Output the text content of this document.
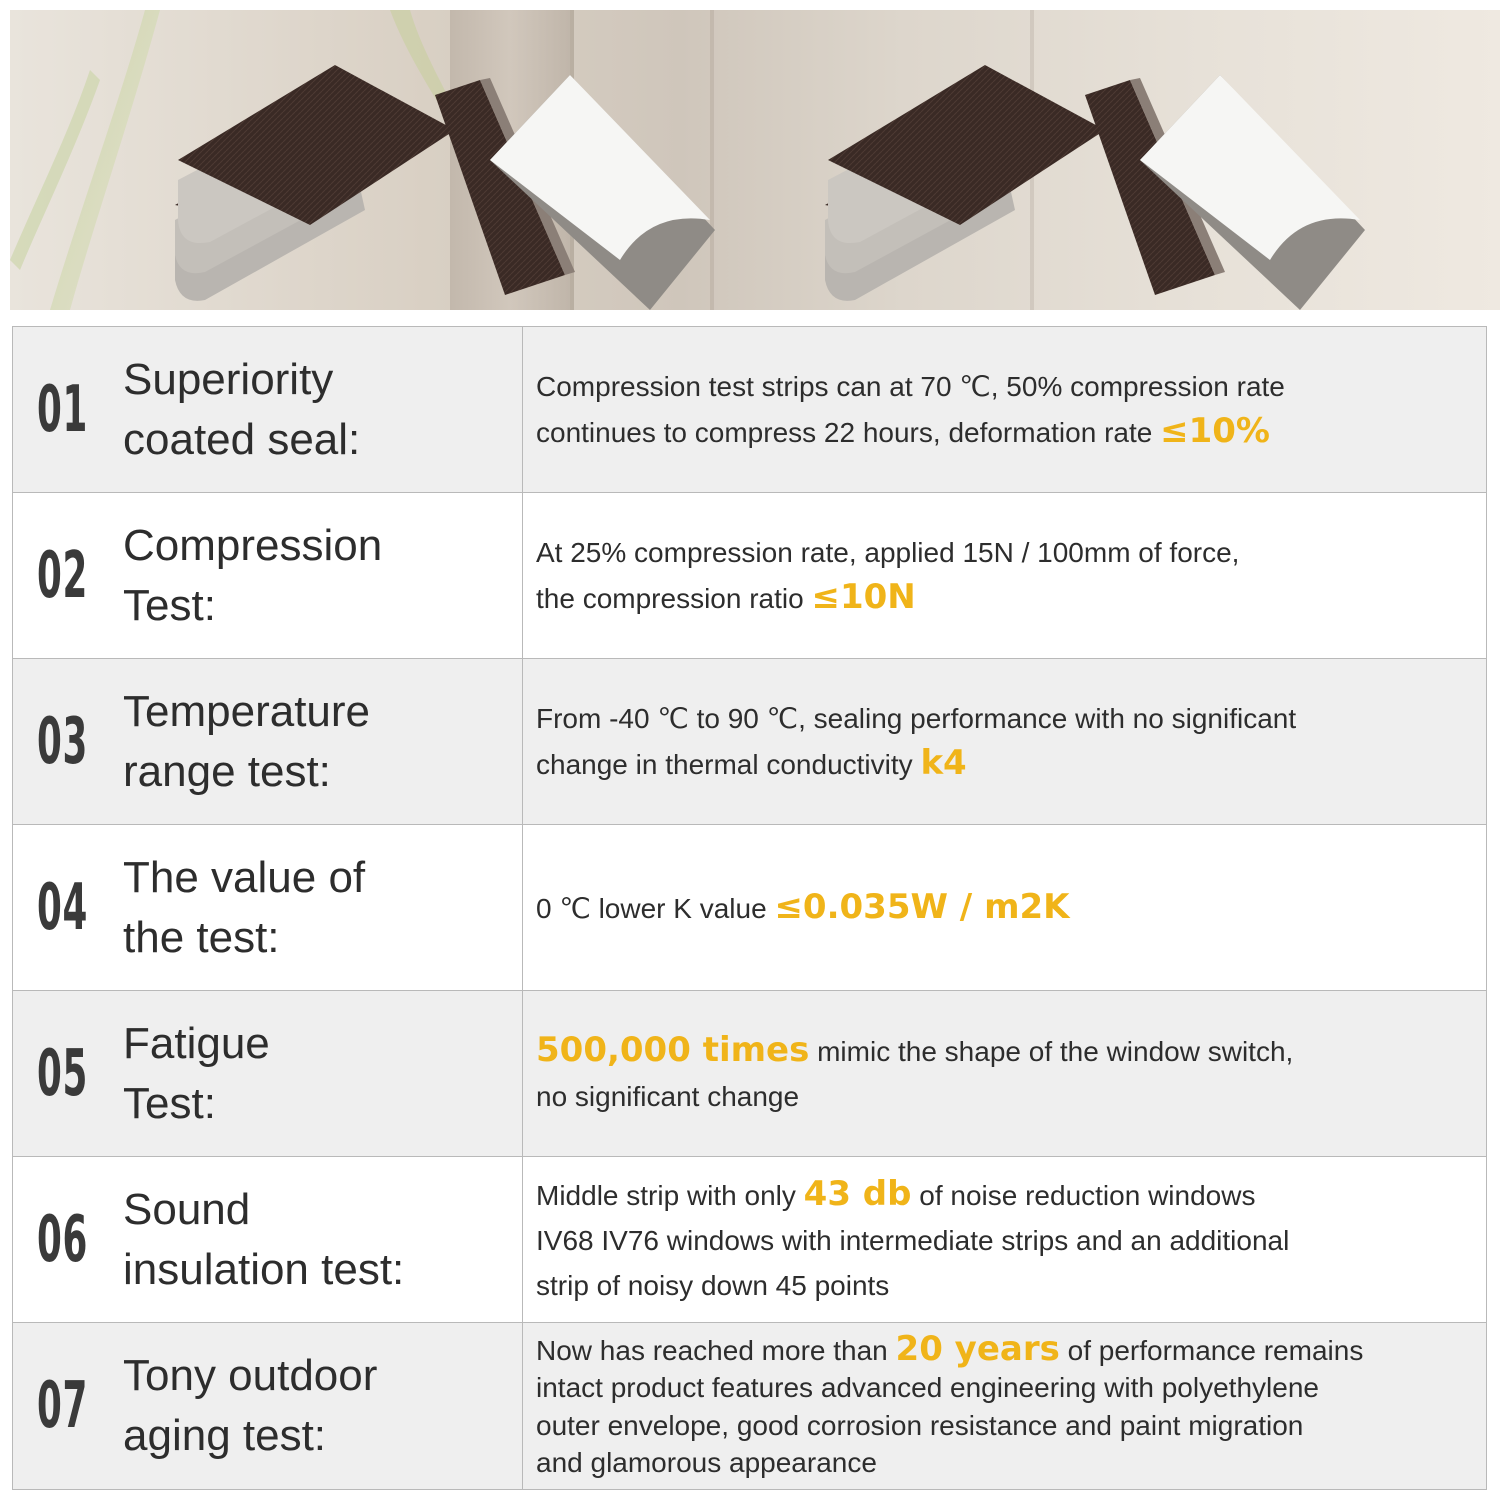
01 Superiority
coated seal:
Compression test strips can at 70 ℃, 50% compression rate
continues to compress 22 hours, deformation rate ≤10%
02 Compression
Test:
At 25% compression rate, applied 15N / 100mm of force,
the compression ratio ≤10N
03 Temperature
range test:
From -40 ℃ to 90 ℃, sealing performance with no significant
change in thermal conductivity k4
04 The value of
the test:
0 ℃ lower K value ≤0.035W / m2K
05 Fatigue
Test:
500,000 times mimic the shape of the window switch,
no significant change
06 Sound
insulation test:
Middle strip with only 43 db of noise reduction windows
IV68 IV76 windows with intermediate strips and an additional
strip of noisy down 45 points
07 Tony outdoor
aging test:
Now has reached more than 20 years of performance remains
intact product features advanced engineering with polyethylene
outer envelope, good corrosion resistance and paint migration
and glamorous appearance
